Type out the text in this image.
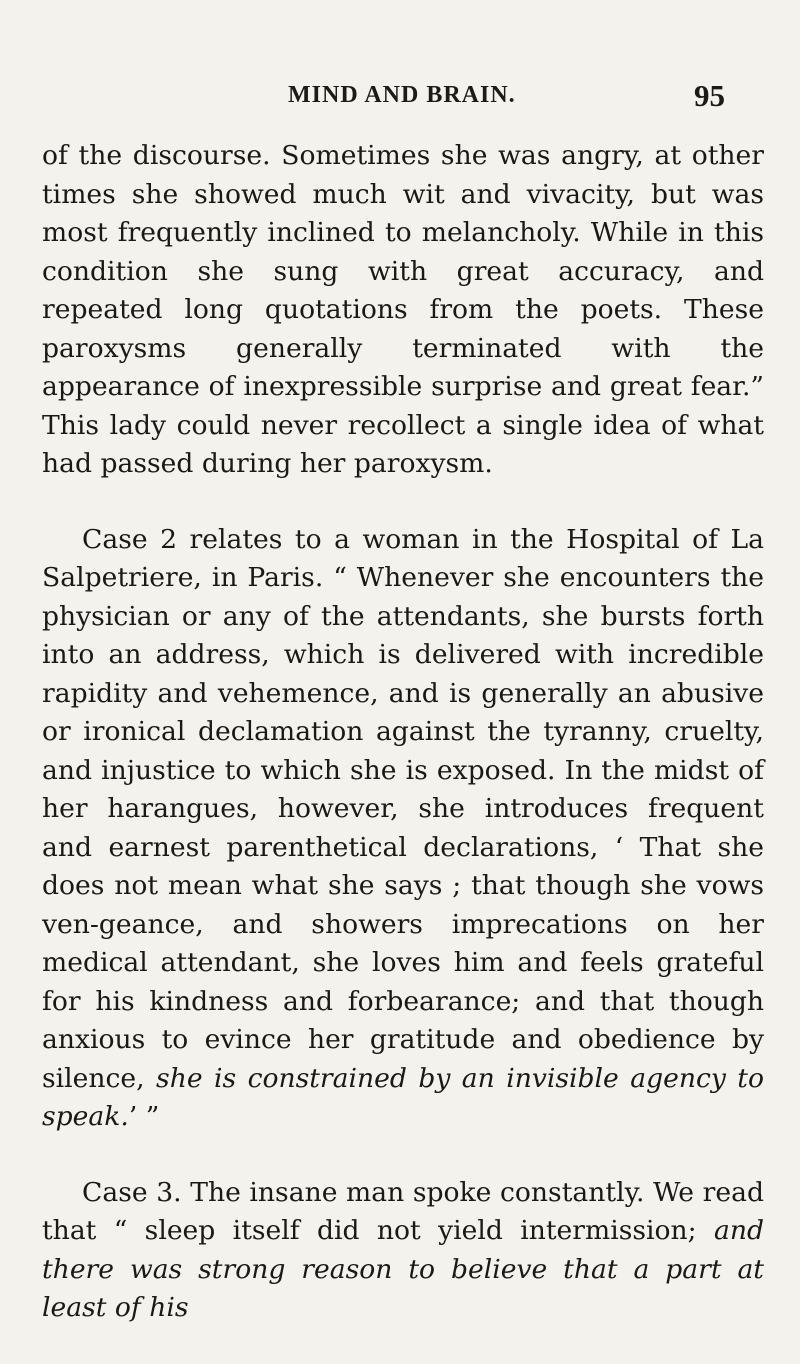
MIND AND BRAIN.	95

of the discourse. Sometimes she was angry, at other times she showed much wit and vivacity, but was most frequently inclined to melancholy. While in this condition she sung with great accuracy, and repeated long quotations from the poets. These paroxysms generally terminated with the appearance of inexpressible surprise and great fear.” This lady could never recollect a single idea of what had passed during her paroxysm.

Case 2 relates to a woman in the Hospital of La Salpetriere, in Paris. “ Whenever she encounters the physician or any of the attendants, she bursts forth into an address, which is delivered with incredible rapidity and vehemence, and is generally an abusive or ironical declamation against the tyranny, cruelty, and injustice to which she is exposed. In the midst of her harangues, however, she introduces frequent and earnest parenthetical declarations, ‘ That she does not mean what she says ; that though she vows ven-geance, and showers imprecations on her medical attendant, she loves him and feels grateful for his kindness and forbearance; and that though anxious to evince her gratitude and obedience by silence, she is constrained by an invisible agency to speak.’ ”

Case 3. The insane man spoke constantly. We read that “ sleep itself did not yield intermission; and there was strong reason to believe that a part at least of his
